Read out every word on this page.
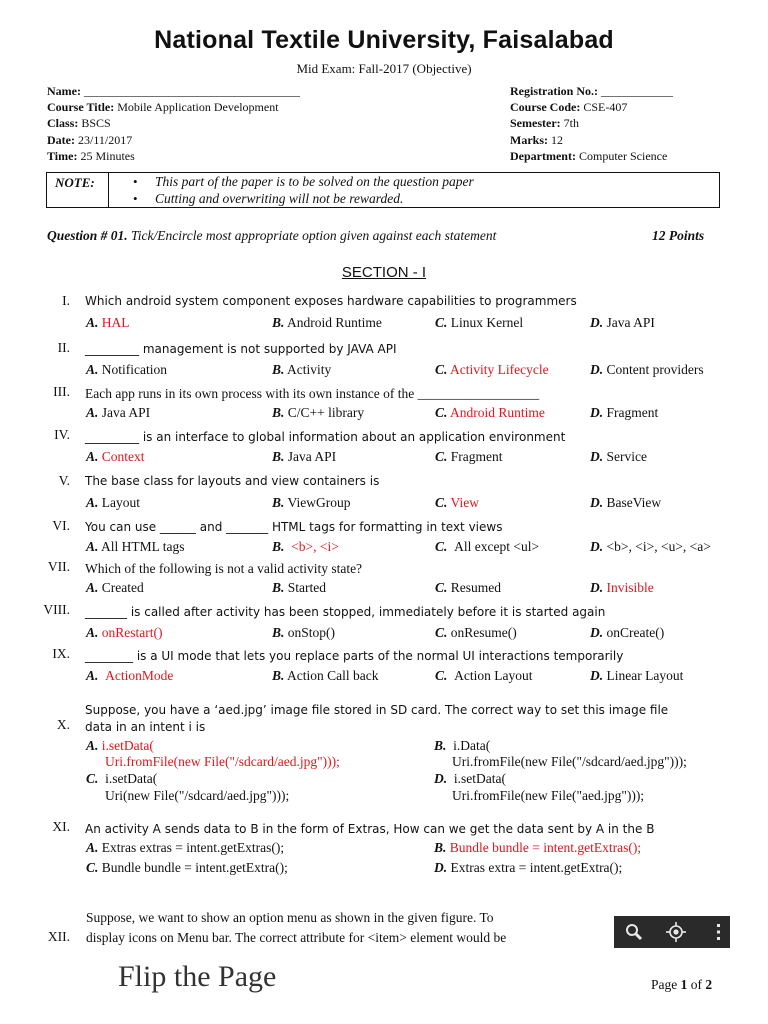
National Textile University, Faisalabad
Mid Exam: Fall-2017 (Objective)
Name: ____________________________________
Course Title: Mobile Application Development
Class: BSCS
Date: 23/11/2017
Time: 25 Minutes
Registration No.: ____________
Course Code: CSE-407
Semester: 7th
Marks: 12
Department: Computer Science
NOTE:	• This part of the paper is to be solved on the question paper
• Cutting and overwriting will not be rewarded.
Question # 01. Tick/Encircle most appropriate option given against each statement	12 Points
SECTION - I
I. Which android system component exposes hardware capabilities to programmers
A. HAL	B. Android Runtime	C. Linux Kernel	D. Java API
II. _________ management is not supported by JAVA API
A. Notification	B. Activity	C. Activity Lifecycle	D. Content providers
III. Each app runs in its own process with its own instance of the __________________
A. Java API	B. C/C++ library	C. Android Runtime	D. Fragment
IV. _________ is an interface to global information about an application environment
A. Context	B. Java API	C. Fragment	D. Service
V. The base class for layouts and view containers is
A. Layout	B. ViewGroup	C. View	D. BaseView
VI. You can use ______ and _______ HTML tags for formatting in text views
A. All HTML tags	B. <b>, <i>	C. All except <ul>	D. <b>, <i>, <u>, <a>
VII. Which of the following is not a valid activity state?
A. Created	B. Started	C. Resumed	D. Invisible
VIII. _______ is called after activity has been stopped, immediately before it is started again
A. onRestart()	B. onStop()	C. onResume()	D. onCreate()
IX. ________ is a UI mode that lets you replace parts of the normal UI interactions temporarily
A. ActionMode	B. Action Call back	C. Action Layout	D. Linear Layout
Suppose, you have a ‘aed.jpg’ image file stored in SD card. The correct way to set this image file
X. data in an intent i is
A. i.setData(
Uri.fromFile(new File("/sdcard/aed.jpg")));
B. i.Data(
Uri.fromFile(new File("/sdcard/aed.jpg")));
C. i.setData(
Uri(new File("/sdcard/aed.jpg")));
D. i.setData(
Uri.fromFile(new File("aed.jpg")));
XI. An activity A sends data to B in the form of Extras, How can we get the data sent by A in the B
A. Extras extras = intent.getExtras();	B. Bundle bundle = intent.getExtras();
C. Bundle bundle = intent.getExtra();	D. Extras extra = intent.getExtra();
Suppose, we want to show an option menu as shown in the given figure. To
XII. display icons on Menu bar. The correct attribute for <item> element would be
Flip the Page	Page 1 of 2
